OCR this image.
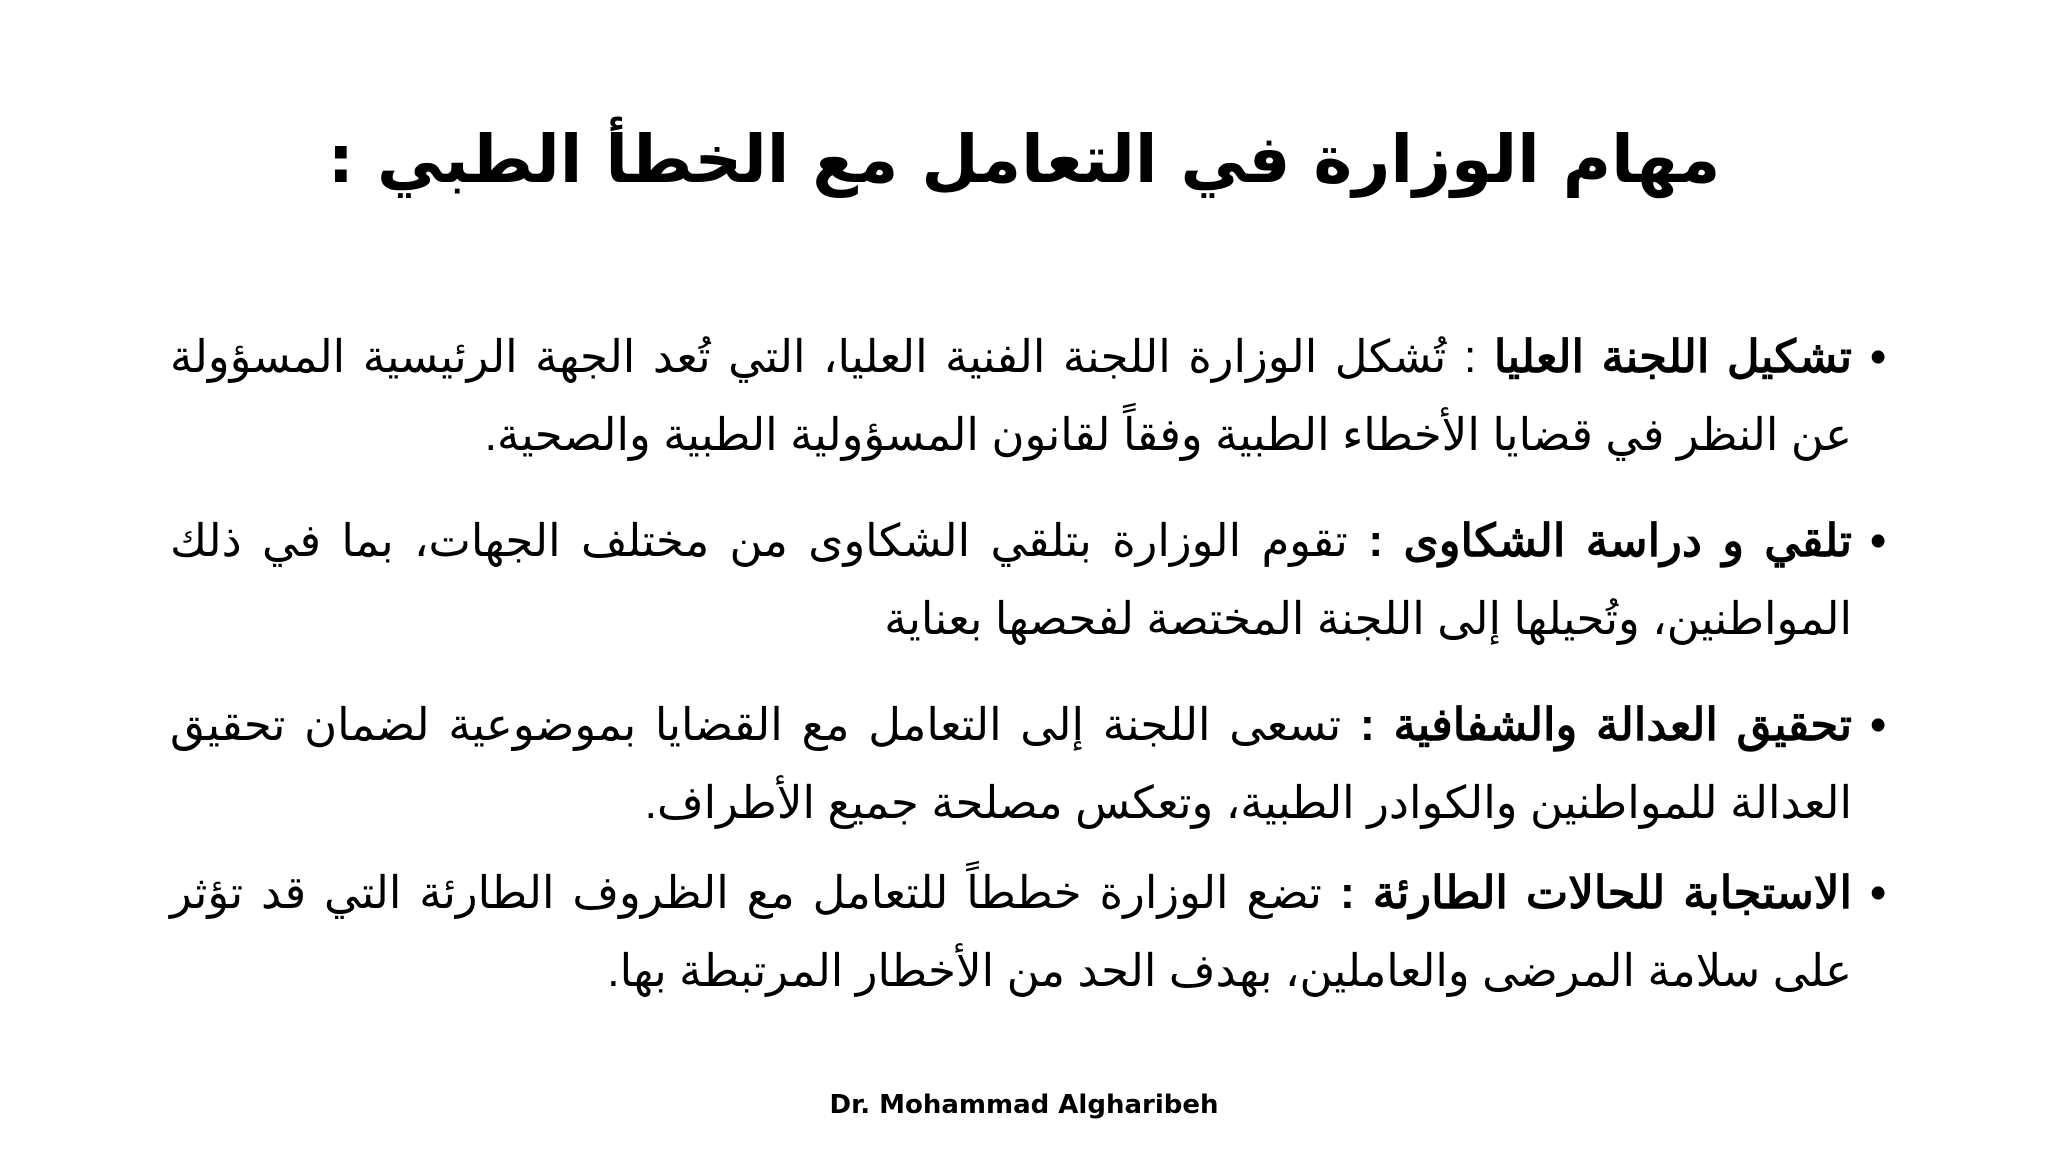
مهام الوزارة في التعامل مع الخطأ الطبي :
•
تشكيل اللجنة العليا : تُشكل الوزارة اللجنة الفنية العليا، التي تُعد الجهة الرئيسية المسؤولة عن النظر في قضايا الأخطاء الطبية وفقاً لقانون المسؤولية الطبية والصحية.
•
تلقي و دراسة الشكاوى : تقوم الوزارة بتلقي الشكاوى من مختلف الجهات، بما في ذلك المواطنين، وتُحيلها إلى اللجنة المختصة لفحصها بعناية
•
تحقيق العدالة والشفافية : تسعى اللجنة إلى التعامل مع القضايا بموضوعية لضمان تحقيق العدالة للمواطنين والكوادر الطبية، وتعكس مصلحة جميع الأطراف.
•
الاستجابة للحالات الطارئة : تضع الوزارة خططاً للتعامل مع الظروف الطارئة التي قد تؤثر على سلامة المرضى والعاملين، بهدف الحد من الأخطار المرتبطة بها.
Dr. Mohammad Algharibeh
